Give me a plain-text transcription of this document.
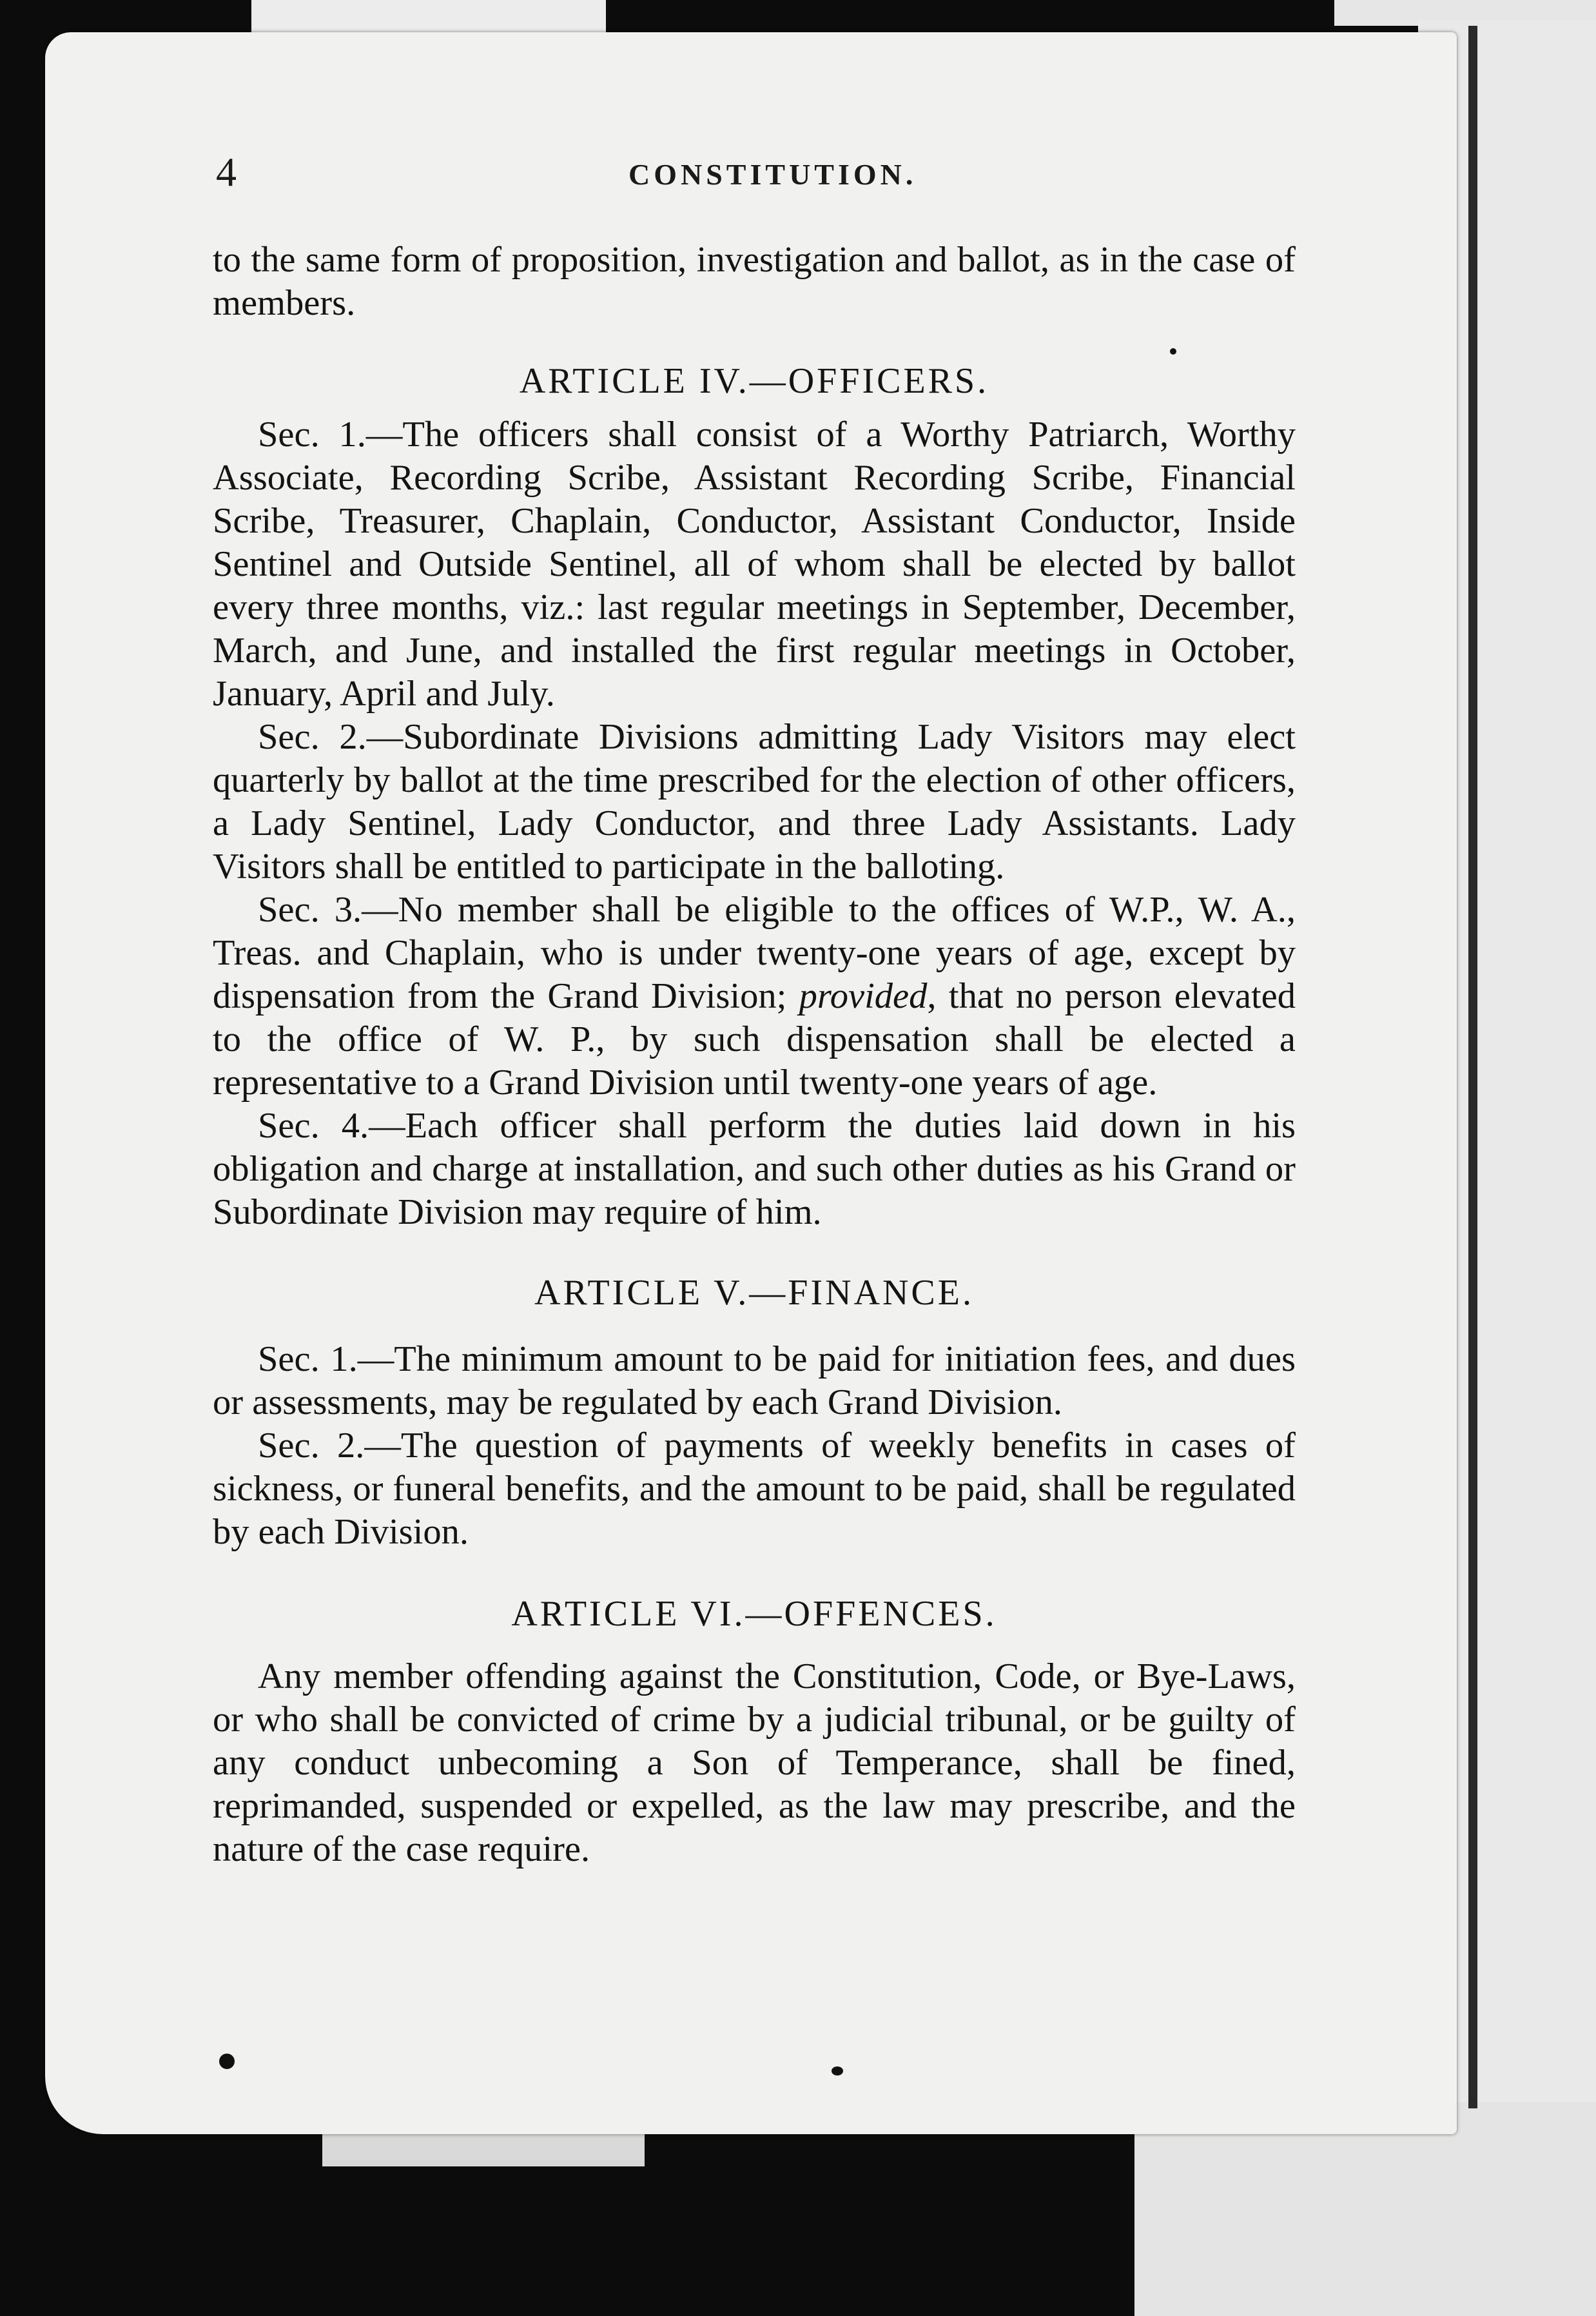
4	CONSTITUTION.

to the same form of proposition, investigation and ballot, as in the case of members.

ARTICLE IV.—OFFICERS.

Sec. 1.—The officers shall consist of a Worthy Patriarch, Worthy Associate, Recording Scribe, Assistant Recording Scribe, Financial Scribe, Treasurer, Chaplain, Conductor, Assistant Conductor, Inside Sentinel and Outside Sentinel, all of whom shall be elected by ballot every three months, viz.: last regular meetings in September, December, March, and June, and installed the first regular meetings in October, January, April and July.

Sec. 2.—Subordinate Divisions admitting Lady Visitors may elect quarterly by ballot at the time prescribed for the election of other officers, a Lady Sentinel, Lady Conductor, and three Lady Assistants. Lady Visitors shall be entitled to participate in the balloting.

Sec. 3.—No member shall be eligible to the offices of W.P., W. A., Treas. and Chaplain, who is under twenty-one years of age, except by dispensation from the Grand Division; provided, that no person elevated to the office of W. P., by such dispensation shall be elected a representative to a Grand Division until twenty-one years of age.

Sec. 4.—Each officer shall perform the duties laid down in his obligation and charge at installation, and such other duties as his Grand or Subordinate Division may require of him.

ARTICLE V.—FINANCE.

Sec. 1.—The minimum amount to be paid for initiation fees, and dues or assessments, may be regulated by each Grand Division.

Sec. 2.—The question of payments of weekly benefits in cases of sickness, or funeral benefits, and the amount to be paid, shall be regulated by each Division.

ARTICLE VI.—OFFENCES.

Any member offending against the Constitution, Code, or Bye-Laws, or who shall be convicted of crime by a judicial tribunal, or be guilty of any conduct unbecoming a Son of Temperance, shall be fined, reprimanded, suspended or expelled, as the law may prescribe, and the nature of the case require.
